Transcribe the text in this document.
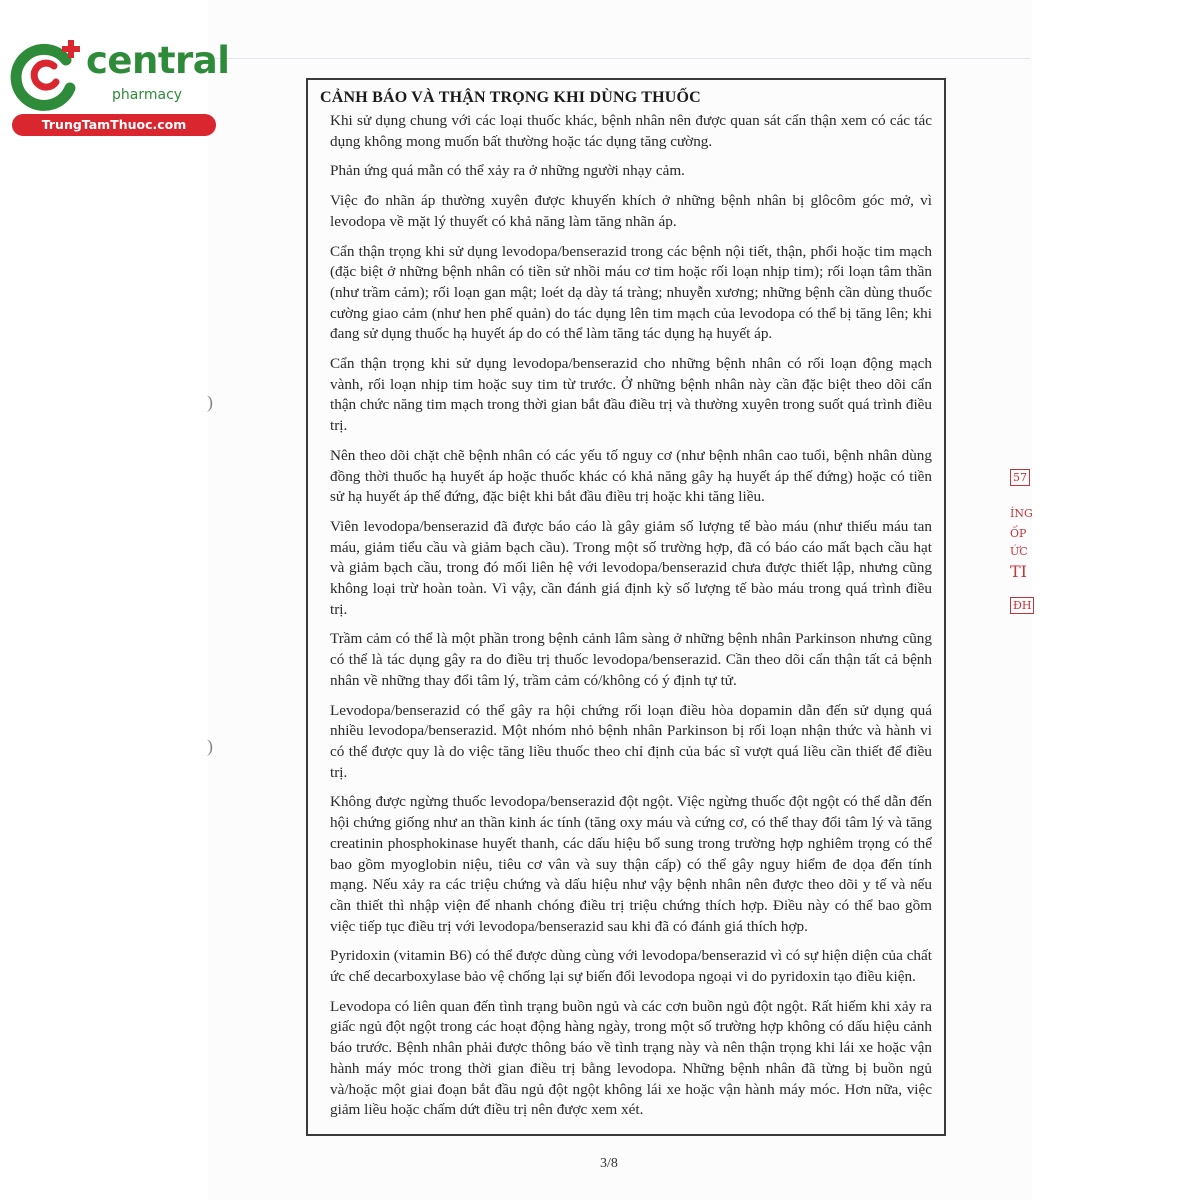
central
pharmacy
TrungTamThuoc.com
CẢNH BÁO VÀ THẬN TRỌNG KHI DÙNG THUỐC

Khi sử dụng chung với các loại thuốc khác, bệnh nhân nên được quan sát cẩn thận xem có các tác dụng không mong muốn bất thường hoặc tác dụng tăng cường.

Phản ứng quá mẫn có thể xảy ra ở những người nhạy cảm.

Việc đo nhãn áp thường xuyên được khuyến khích ở những bệnh nhân bị glôcôm góc mở, vì levodopa về mặt lý thuyết có khả năng làm tăng nhãn áp.

Cẩn thận trọng khi sử dụng levodopa/benserazid trong các bệnh nội tiết, thận, phổi hoặc tim mạch (đặc biệt ở những bệnh nhân có tiền sử nhồi máu cơ tim hoặc rối loạn nhịp tim); rối loạn tâm thần (như trầm cảm); rối loạn gan mật; loét dạ dày tá tràng; nhuyễn xương; những bệnh cần dùng thuốc cường giao cảm (như hen phế quản) do tác dụng lên tim mạch của levodopa có thể bị tăng lên; khi đang sử dụng thuốc hạ huyết áp do có thể làm tăng tác dụng hạ huyết áp.

Cẩn thận trọng khi sử dụng levodopa/benserazid cho những bệnh nhân có rối loạn động mạch vành, rối loạn nhịp tim hoặc suy tim từ trước. Ở những bệnh nhân này cần đặc biệt theo dõi cẩn thận chức năng tim mạch trong thời gian bắt đầu điều trị và thường xuyên trong suốt quá trình điều trị.

Nên theo dõi chặt chẽ bệnh nhân có các yếu tố nguy cơ (như bệnh nhân cao tuổi, bệnh nhân dùng đồng thời thuốc hạ huyết áp hoặc thuốc khác có khả năng gây hạ huyết áp thế đứng) hoặc có tiền sử hạ huyết áp thế đứng, đặc biệt khi bắt đầu điều trị hoặc khi tăng liều.

Viên levodopa/benserazid đã được báo cáo là gây giảm số lượng tế bào máu (như thiếu máu tan máu, giảm tiểu cầu và giảm bạch cầu). Trong một số trường hợp, đã có báo cáo mất bạch cầu hạt và giảm bạch cầu, trong đó mối liên hệ với levodopa/benserazid chưa được thiết lập, nhưng cũng không loại trừ hoàn toàn. Vì vậy, cần đánh giá định kỳ số lượng tế bào máu trong quá trình điều trị.

Trầm cảm có thể là một phần trong bệnh cảnh lâm sàng ở những bệnh nhân Parkinson nhưng cũng có thể là tác dụng gây ra do điều trị thuốc levodopa/benserazid. Cần theo dõi cẩn thận tất cả bệnh nhân về những thay đổi tâm lý, trầm cảm có/không có ý định tự tử.

Levodopa/benserazid có thể gây ra hội chứng rối loạn điều hòa dopamin dẫn đến sử dụng quá nhiều levodopa/benserazid. Một nhóm nhỏ bệnh nhân Parkinson bị rối loạn nhận thức và hành vi có thể được quy là do việc tăng liều thuốc theo chỉ định của bác sĩ vượt quá liều cần thiết để điều trị.

Không được ngừng thuốc levodopa/benserazid đột ngột. Việc ngừng thuốc đột ngột có thể dẫn đến hội chứng giống như an thần kinh ác tính (tăng oxy máu và cứng cơ, có thể thay đổi tâm lý và tăng creatinin phosphokinase huyết thanh, các dấu hiệu bổ sung trong trường hợp nghiêm trọng có thể bao gồm myoglobin niệu, tiêu cơ vân và suy thận cấp) có thể gây nguy hiểm đe dọa đến tính mạng. Nếu xảy ra các triệu chứng và dấu hiệu như vậy bệnh nhân nên được theo dõi y tế và nếu cần thiết thì nhập viện để nhanh chóng điều trị triệu chứng thích hợp. Điều này có thể bao gồm việc tiếp tục điều trị với levodopa/benserazid sau khi đã có đánh giá thích hợp.

Pyridoxin (vitamin B6) có thể được dùng cùng với levodopa/benserazid vì có sự hiện diện của chất ức chế decarboxylase bảo vệ chống lại sự biến đổi levodopa ngoại vi do pyridoxin tạo điều kiện.

Levodopa có liên quan đến tình trạng buồn ngủ và các cơn buồn ngủ đột ngột. Rất hiếm khi xảy ra giấc ngủ đột ngột trong các hoạt động hàng ngày, trong một số trường hợp không có dấu hiệu cảnh báo trước. Bệnh nhân phải được thông báo về tình trạng này và nên thận trọng khi lái xe hoặc vận hành máy móc trong thời gian điều trị bằng levodopa. Những bệnh nhân đã từng bị buồn ngủ và/hoặc một giai đoạn bắt đầu ngủ đột ngột không lái xe hoặc vận hành máy móc. Hơn nữa, việc giảm liều hoặc chấm dứt điều trị nên được xem xét.

3/8
)
)
57
ÍNG
ỐP
ỨC
TI
ĐH
